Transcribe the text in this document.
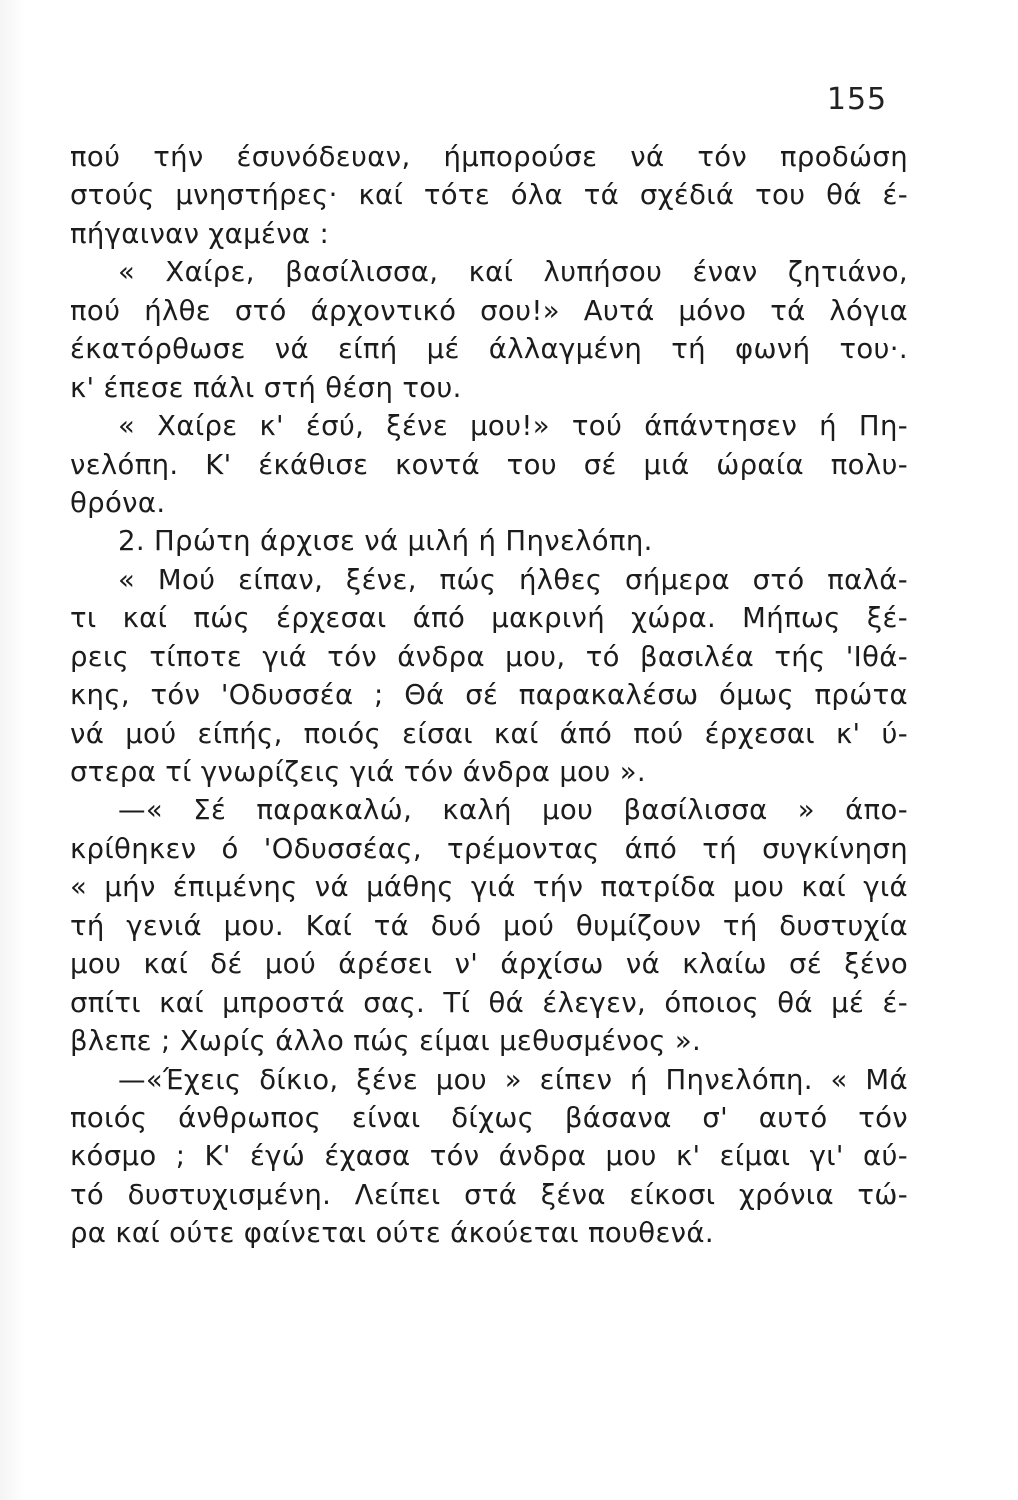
155
πού τήν έσυνόδευαν, ήμπορούσε νά τόν προδώση
στούς μνηστήρες· καί τότε όλα τά σχέδιά του θά έ-
πήγαιναν χαμένα :
« Χαίρε, βασίλισσα, καί λυπήσου έναν ζητιάνο,
πού ήλθε στό άρχοντικό σου!» Αυτά μόνο τά λόγια
έκατόρθωσε νά είπή μέ άλλαγμένη τή φωνή του·.
κ' έπεσε πάλι στή θέση του.
« Χαίρε κ' έσύ, ξένε μου!» τού άπάντησεν ή Πη-
νελόπη. Κ' έκάθισε κοντά του σέ μιά ώραία πολυ-
θρόνα.
2. Πρώτη άρχισε νά μιλή ή Πηνελόπη.
« Μού είπαν, ξένε, πώς ήλθες σήμερα στό παλά-
τι καί πώς έρχεσαι άπό μακρινή χώρα. Μήπως ξέ-
ρεις τίποτε γιά τόν άνδρα μου, τό βασιλέα τής 'Ιθά-
κης, τόν 'Οδυσσέα ; Θά σέ παρακαλέσω όμως πρώτα
νά μού είπής, ποιός είσαι καί άπό πού έρχεσαι κ' ύ-
στερα τί γνωρίζεις γιά τόν άνδρα μου ».
—« Σέ παρακαλώ, καλή μου βασίλισσα » άπο-
κρίθηκεν ό 'Οδυσσέας, τρέμοντας άπό τή συγκίνηση
« μήν έπιμένης νά μάθης γιά τήν πατρίδα μου καί γιά
τή γενιά μου. Καί τά δυό μού θυμίζουν τή δυστυχία
μου καί δέ μού άρέσει ν' άρχίσω νά κλαίω σέ ξένο
σπίτι καί μπροστά σας. Τί θά έλεγεν, όποιος θά μέ έ-
βλεπε ; Χωρίς άλλο πώς είμαι μεθυσμένος ».
—«Έχεις δίκιο, ξένε μου » είπεν ή Πηνελόπη. « Μά
ποιός άνθρωπος είναι δίχως βάσανα σ' αυτό τόν
κόσμο ; Κ' έγώ έχασα τόν άνδρα μου κ' είμαι γι' αύ-
τό δυστυχισμένη. Λείπει στά ξένα είκοσι χρόνια τώ-
ρα καί ούτε φαίνεται ούτε άκούεται πουθενά.
